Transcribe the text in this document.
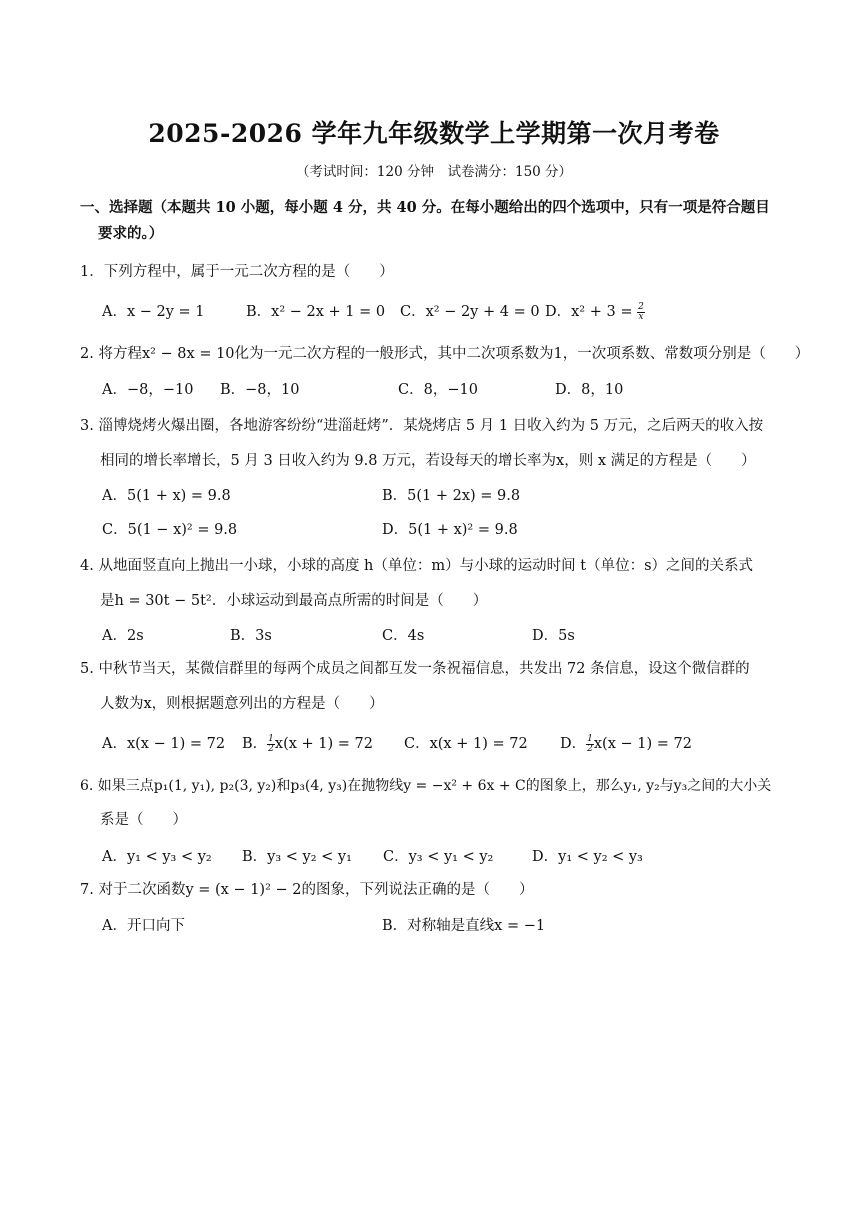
2025-2026 学年九年级数学上学期第一次月考卷
（考试时间：120 分钟　试卷满分：150 分）
一、选择题（本题共 10 小题，每小题 4 分，共 40 分。在每小题给出的四个选项中，只有一项是符合题目
要求的。）
1．下列方程中，属于一元二次方程的是（　　）
A．x − 2y = 1	B．x² − 2x + 1 = 0 C．x² − 2y + 4 = 0 D．$x^2 + 3 = \frac{2}{x}$
2. 将方程x² − 8x = 10化为一元二次方程的一般形式，其中二次项系数为1，一次项系数、常数项分别是（　　）
A．−8，−10 B．−8，10	C．8，−10	D．8，10
3. 淄博烧烤火爆出圈，各地游客纷纷“进淄赶烤”．某烧烤店 5 月 1 日收入约为 5 万元，之后两天的收入按
相同的增长率增长，5 月 3 日收入约为 9.8 万元，若设每天的增长率为x，则 x 满足的方程是（　　）
A．5(1 + x) = 9.8	B．5(1 + 2x) = 9.8
C．5(1 − x)² = 9.8	D．5(1 + x)² = 9.8
4. 从地面竖直向上抛出一小球，小球的高度 h（单位：m）与小球的运动时间 t（单位：s）之间的关系式
是h = 30t − 5t²．小球运动到最高点所需的时间是（　　）
A．2s	B．3s	C．4s	D．5s
5. 中秋节当天，某微信群里的每两个成员之间都互发一条祝福信息，共发出 72 条信息，设这个微信群的
人数为x，则根据题意列出的方程是（　　）
A．x(x − 1) = 72 B． $\frac{1}{2} x(x + 1) = 72$ C．x(x + 1) = 72 D． $\frac{1}{2} x(x - 1) = 72$
6. 如果三点p₁(1, y₁), p₂(3, y₂)和p₃(4, y₃)在抛物线y = −x² + 6x + C的图象上，那么y₁, y₂与y₃之间的大小关
系是（　　）
A．y₁ < y₃ < y₂ B．y₃ < y₂ < y₁ C．y₃ < y₁ < y₂	D．y₁ < y₂ < y₃
7. 对于二次函数y = (x − 1)² − 2的图象，下列说法正确的是（　　）
A．开口向下	B．对称轴是直线x = −1
